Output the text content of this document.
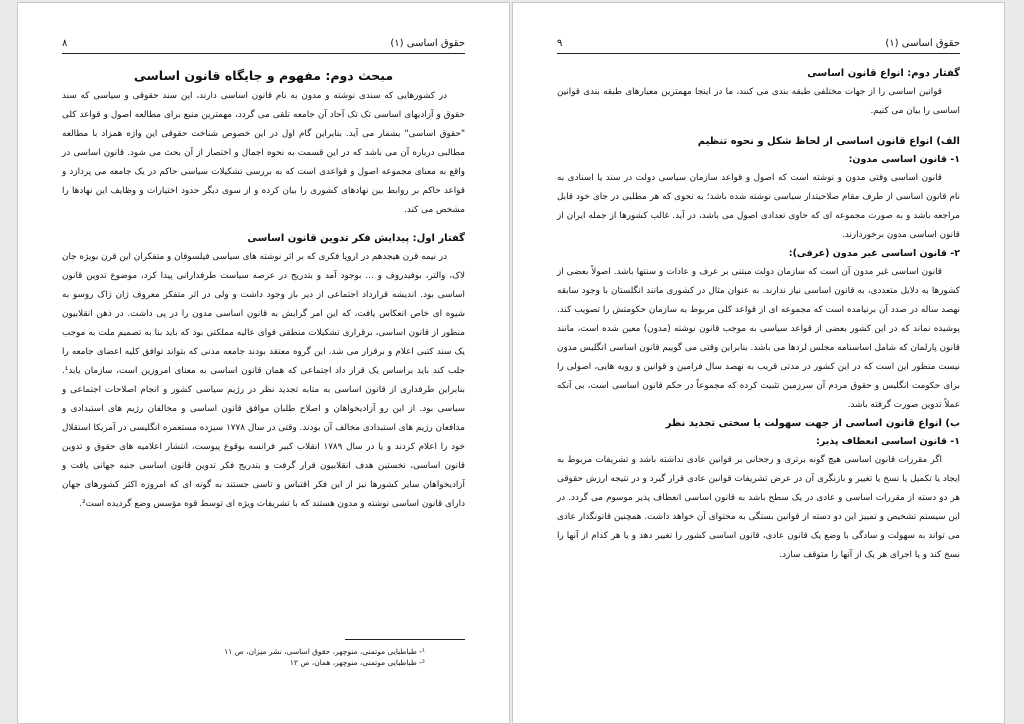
حقوق اساسی (۱)
۸

مبحث دوم: مفهوم و جایگاه قانون اساسی

در کشورهایی که سندی نوشته و مدون به نام قانون اساسی دارند، این سند حقوقی و سیاسی که سند حقوق و آزادیهای اساسی تک تک آحاد آن جامعه تلقی می گردد، مهمترین منبع برای مطالعه اصول و قواعد کلی "حقوق اساسی" بشمار می آید. بنابراین گام اول در این خصوص شناخت حقوقی این واژه همزاد با مطالعه مطالبی درباره آن می باشد که در این قسمت به نحوه اجمال و اختصار از آن بحث می شود. قانون اساسی در واقع به معنای مجموعه اصول و قواعدی است که به بررسی تشکیلات سیاسی حاکم در یک جامعه می پردازد و قواعد حاکم بر روابط بین نهادهای کشوری را بیان کرده و از سوی دیگر حدود اختیارات و وظایف این نهادها را مشخص می کند.

گفتار اول: پیدایش فکر تدوین قانون اساسی

در نیمه قرن هیجدهم در اروپا فکری که بر اثر نوشته های سیاسی فیلسوفان و متفکران این قرن بویژه جان لاک، والتر، بوفیدروف و ... بوجود آمد و بتدریج در عرصه سیاست طرفدارانی پیدا کرد، موضوع تدوین قانون اساسی بود. اندیشه قرارداد اجتماعی از دیر باز وجود داشت و ولی در اثر متفکر معروف ژان ژاک روسو به شیوه ای خاص انعکاس یافت، که این امر گرایش به قانون اساسی مدون را در پی داشت. در ذهن انقلابیون منظور از قانون اساسی، برقراری تشکیلات منطقی قوای عالیه مملکتی بود که باید بنا به تصمیم ملت به موجب یک سند کتبی اعلام و برقرار می شد. این گروه معتقد بودند جامعه مدنی که بتواند توافق کلیه اعضای جامعه را جلب کند باید براساس یک قرار داد اجتماعی که همان قانون اساسی به معنای امروزین است، سازمان یابد¹. بنابراین طرفداری از قانون اساسی به متابه تجدید نظر در رژیم سیاسی کشور و انجام اصلاحات اجتماعی و سیاسی بود. از این رو آزادیخواهان و اصلاح طلبان موافق قانون اساسی و مخالفان رژیم های استبدادی و مدافعان رژیم های استبدادی مخالف آن بودند. وقتی در سال ۱۷۷۸ سیزده مستعمره انگلیسی در آمریکا استقلال خود را اعلام کردند و یا در سال ۱۷۸۹ انقلاب کبیر فرانسه بوقوع پیوست، انتشار اعلامیه های حقوق و تدوین قانون اساسی، نخستین هدف انقلابیون قرار گرفت و بتدریج فکر تدوین قانون اساسی جنبه جهانی یافت و آزادیخواهان سایر کشورها نیز از این فکر اقتباس و تاسی جستند به گونه ای که امروزه اکثر کشورهای جهان دارای قانون اساسی نوشته و مدون هستند که با تشریفات ویژه ای توسط قوه مؤسس وضع گردیده است².

¹- طباطبایی موتمنی، منوچهر، حقوق اساسی، نشر میزان، ص ۱۱

²- طباطبایی موتمنی، منوچهر، همان، ص ۱۲

حقوق اساسی (۱)
۹

گفتار دوم: انواع قانون اساسی

قوانین اساسی را از جهات مختلفی طبقه بندی می کنند، ما در اینجا مهمترین معیارهای طبقه بندی قوانین اساسی را بیان می کنیم.

الف) انواع قانون اساسی از لحاظ شکل و نحوه تنظیم

۱- قانون اساسی مدون:

قانون اساسی وقتی مدون و نوشته است که اصول و قواعد سازمان سیاسی دولت در سند یا اسنادی به نام قانون اساسی از طرف مقام صلاحیتدار سیاسی نوشته شده باشد؛ به نحوی که هر مطلبی در جای خود قابل مراجعه باشد و به صورت مجموعه ای که حاوی تعدادی اصول می باشد، در آید. غالب کشورها از جمله ایران از قانون اساسی مدون برخوردارند.

۲- قانون اساسی غیر مدون (عرفی):

قانون اساسی غیر مدون آن است که سازمان دولت مبتنی بر عرف و عادات و سنتها باشد. اصولاً بعضی از کشورها به دلایل متعددی، به قانون اساسی نیاز ندارند. به عنوان مثال در کشوری مانند انگلستان با وجود سابقه نهصد ساله در صدد آن برنیامده است که مجموعه ای از قواعد کلی مربوط به سازمان حکومتش را تصویب کند. پوشیده نماند که در این کشور بعضی از قواعد سیاسی به موجب قانون نوشته (مدون) معین شده است، مانند قانون پارلمان که شامل اساسنامه مجلس لردها می باشد. بنابراین وقتی می گوییم قانون اساسی انگلیس مدون نیست منظور این است که در این کشور در مدتی قریب به نهصد سال فرامین و قوانین و رویه هایی، اصولی را برای حکومت انگلیس و حقوق مردم آن سرزمین تثبیت کرده که مجموعاً در حکم قانون اساسی است، بی آنکه عملاً تدوین صورت گرفته باشد.

ب) انواع قانون اساسی از جهت سهولت یا سختی تجدید نظر

۱- قانون اساسی انعطاف پذیر:

اگر مقررات قانون اساسی هیچ گونه برتری و رجحانی بر قوانین عادی نداشته باشد و تشریفات مربوط به ایجاد یا تکمیل یا نسخ یا تغییر و بازنگری آن در عرض تشریفات قوانین عادی قرار گیرد و در نتیجه ارزش حقوقی هر دو دسته از مقررات اساسی و عادی در یک سطح باشد به قانون اساسی انعطاف پذیر موسوم می گردد. در این سیستم تشخیص و تمییز این دو دسته از قوانین بستگی به محتوای آن خواهد داشت. همچنین قانونگذار عادی می تواند به سهولت و سادگی با وضع یک قانون عادی، قانون اساسی کشور را تغییر دهد و یا هر کدام از آنها را نسخ کند و یا اجرای هر یک از آنها را متوقف سازد.
